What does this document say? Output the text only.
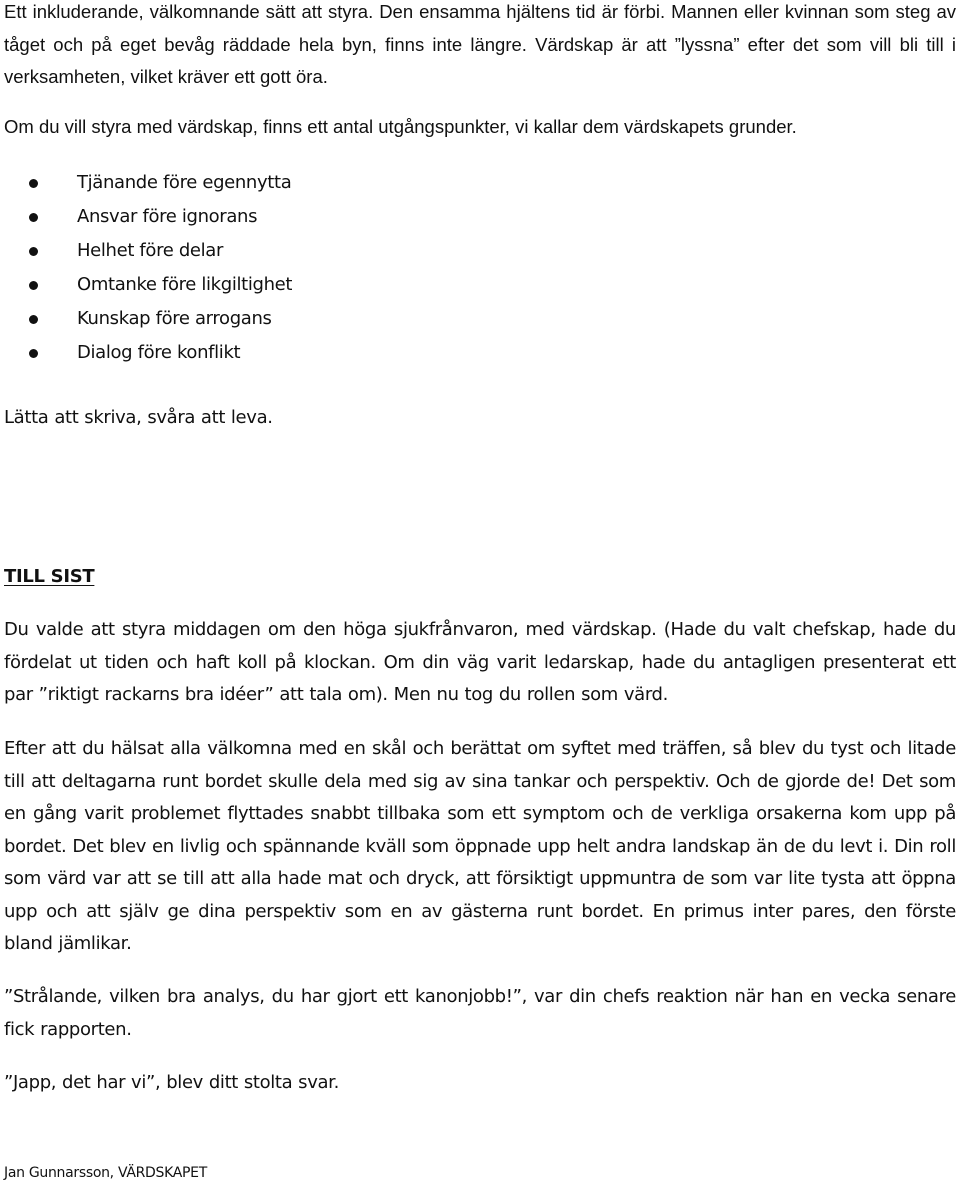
Ett inkluderande, välkomnande sätt att styra. Den ensamma hjältens tid är förbi. Mannen eller kvinnan som steg av tåget och på eget bevåg räddade hela byn, finns inte längre. Värdskap är att ”lyssna” efter det som vill bli till i verksamheten, vilket kräver ett gott öra.

Om du vill styra med värdskap, finns ett antal utgångspunkter, vi kallar dem värdskapets grunder.

Tjänande före egennytta
Ansvar före ignorans
Helhet före delar
Omtanke före likgiltighet
Kunskap före arrogans
Dialog före konflikt

Lätta att skriva, svåra att leva.

TILL SIST

Du valde att styra middagen om den höga sjukfrånvaron, med värdskap. (Hade du valt chefskap, hade du fördelat ut tiden och haft koll på klockan. Om din väg varit ledarskap, hade du antagligen presenterat ett par ”riktigt rackarns bra idéer” att tala om). Men nu tog du rollen som värd.

Efter att du hälsat alla välkomna med en skål och berättat om syftet med träffen, så blev du tyst och litade till att deltagarna runt bordet skulle dela med sig av sina tankar och perspektiv. Och de gjorde de! Det som en gång varit problemet flyttades snabbt tillbaka som ett symptom och de verkliga orsakerna kom upp på bordet. Det blev en livlig och spännande kväll som öppnade upp helt andra landskap än de du levt i. Din roll som värd var att se till att alla hade mat och dryck, att försiktigt uppmuntra de som var lite tysta att öppna upp och att själv ge dina perspektiv som en av gästerna runt bordet. En primus inter pares, den förste bland jämlikar.

”Strålande, vilken bra analys, du har gjort ett kanonjobb!”, var din chefs reaktion när han en vecka senare fick rapporten.

”Japp, det har vi”, blev ditt stolta svar.

Jan Gunnarsson, VÄRDSKAPET
